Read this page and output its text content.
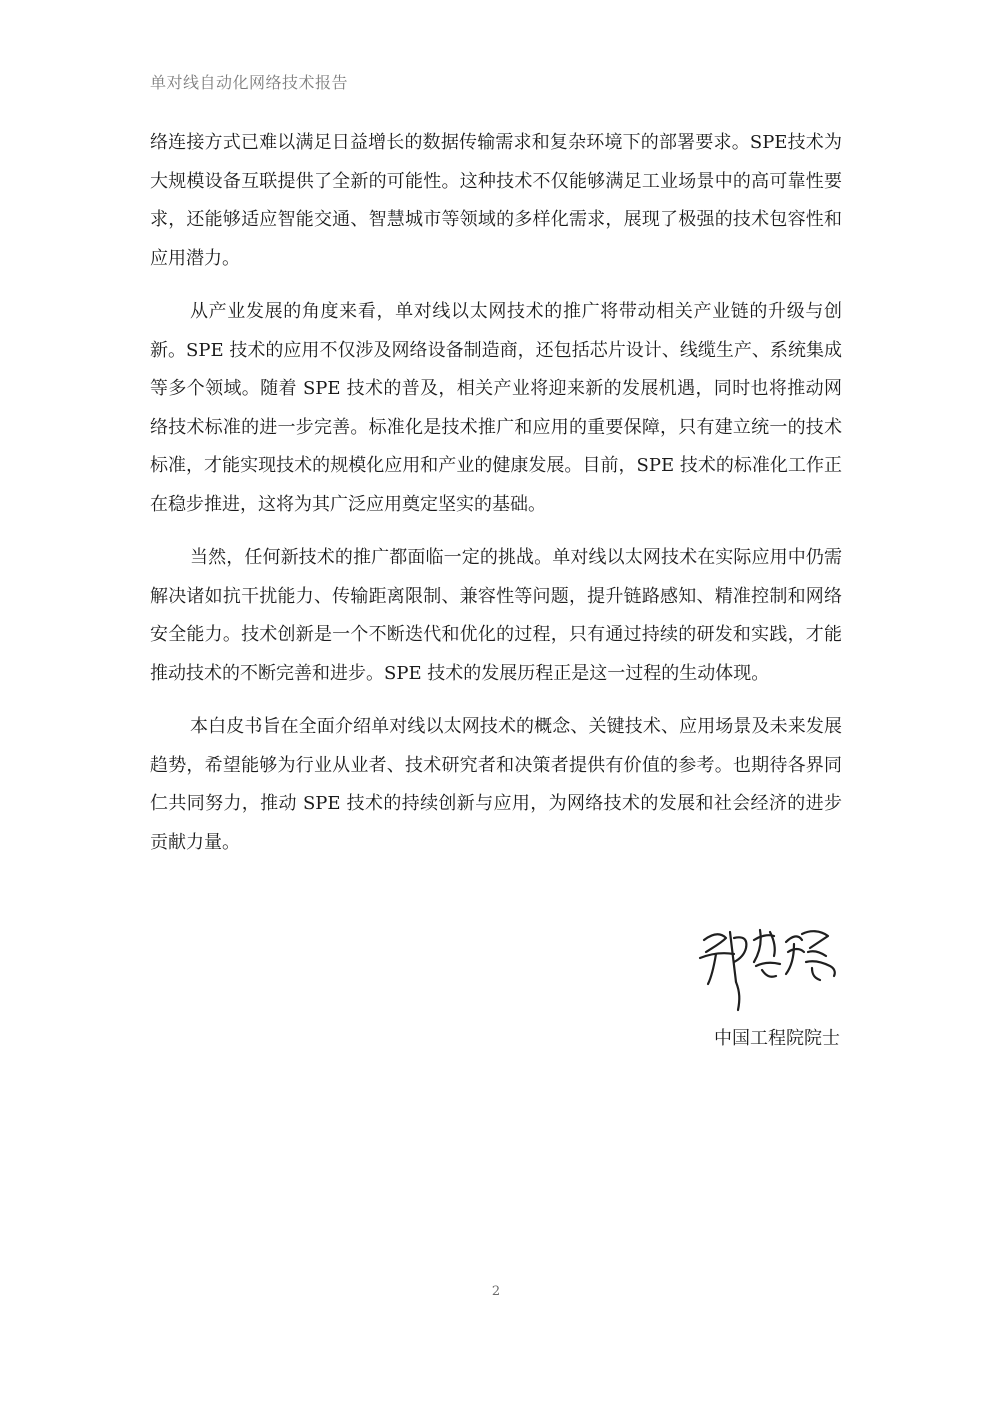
单对线自动化网络技术报告

络连接方式已难以满足日益增长的数据传输需求和复杂环境下的部署要求。SPE技术为大规模设备互联提供了全新的可能性。这种技术不仅能够满足工业场景中的高可靠性要求，还能够适应智能交通、智慧城市等领域的多样化需求，展现了极强的技术包容性和应用潜力。

从产业发展的角度来看，单对线以太网技术的推广将带动相关产业链的升级与创新。SPE 技术的应用不仅涉及网络设备制造商，还包括芯片设计、线缆生产、系统集成等多个领域。随着 SPE 技术的普及，相关产业将迎来新的发展机遇，同时也将推动网络技术标准的进一步完善。标准化是技术推广和应用的重要保障，只有建立统一的技术标准，才能实现技术的规模化应用和产业的健康发展。目前，SPE 技术的标准化工作正在稳步推进，这将为其广泛应用奠定坚实的基础。

当然，任何新技术的推广都面临一定的挑战。单对线以太网技术在实际应用中仍需解决诸如抗干扰能力、传输距离限制、兼容性等问题，提升链路感知、精准控制和网络安全能力。技术创新是一个不断迭代和优化的过程，只有通过持续的研发和实践，才能推动技术的不断完善和进步。SPE 技术的发展历程正是这一过程的生动体现。

本白皮书旨在全面介绍单对线以太网技术的概念、关键技术、应用场景及未来发展趋势，希望能够为行业从业者、技术研究者和决策者提供有价值的参考。也期待各界同仁共同努力，推动 SPE 技术的持续创新与应用，为网络技术的发展和社会经济的进步贡献力量。

中国工程院院士
2
